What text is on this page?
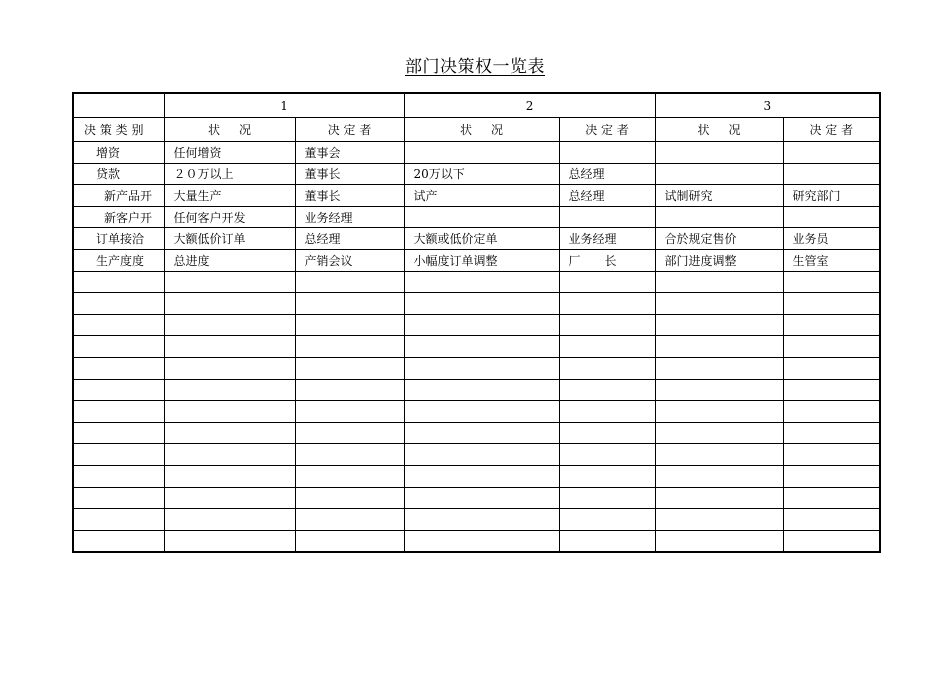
部门决策权一览表
	1		2		3	
决 策 类 别	状     况	决 定 者	状     况	决 定 者	状     况	决 定 者
增资	任何增资	董事会				
贷款	２０万以上	董事长	20万以下	总经理		
新产品开	大量生产	董事长	试产	总经理	试制研究	研究部门
新客户开	任何客户开发	业务经理				
订单接洽	大额低价订单	总经理	大额或低价定单	业务经理	合於规定售价	业务员
生产度度	总进度	产销会议	小幅度订单调整	厂　　长	部门进度调整	生管室
